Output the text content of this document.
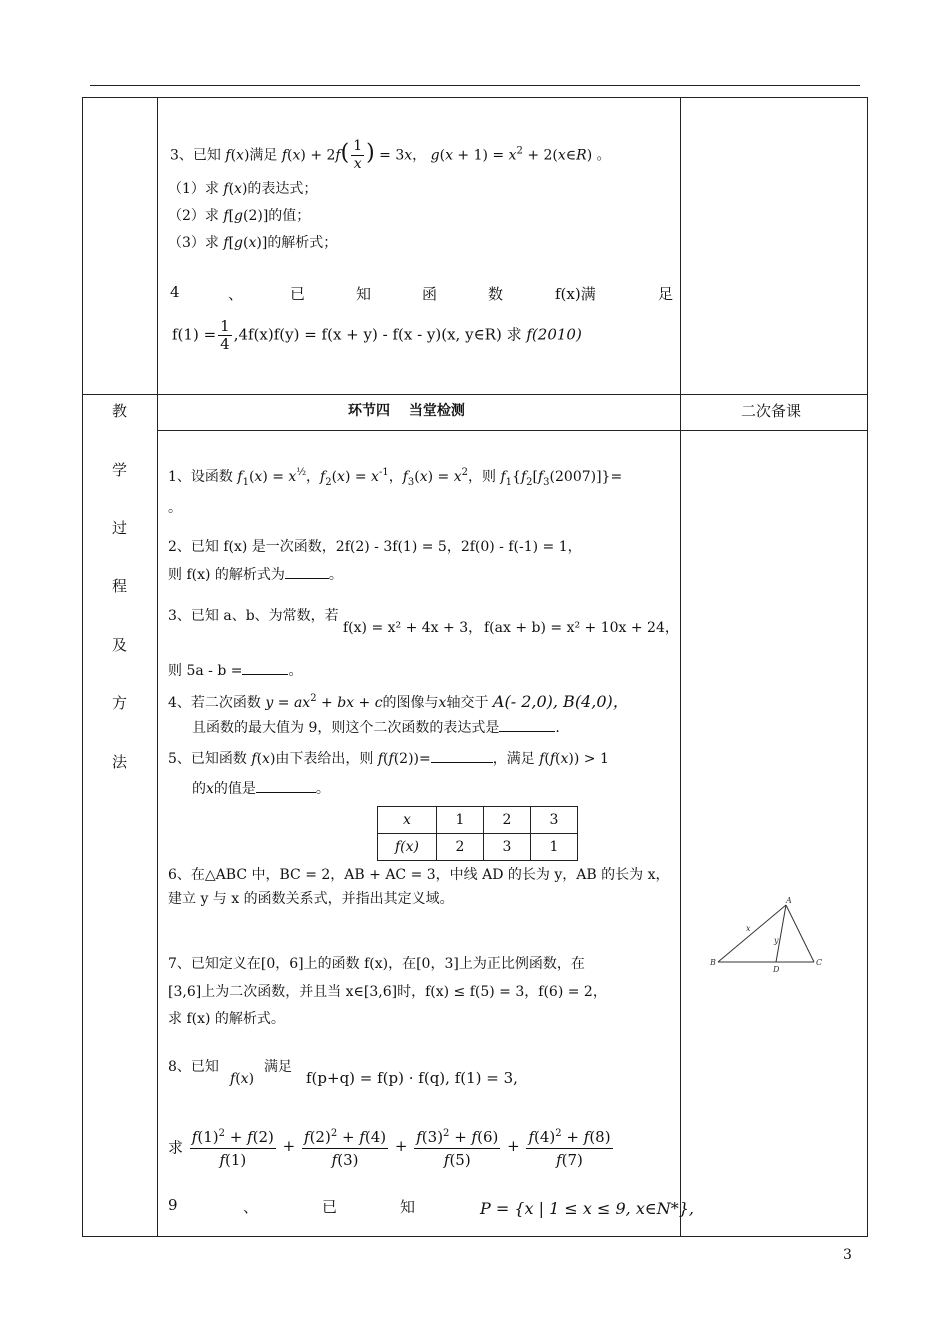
3、已知 f(x)满足 $f(x) + 2f( \frac{1}{x}$ ) = 3x， $g(x + 1) = x^2$ + 2(x∈R) 。
（1）求 f(x)的表达式；
（2）求 f[g(2)]的值；
（3）求 f[g(x)]的解析式；
4	、	已	知	函	数	f(x)满	足
$f(1) = \frac{1}{4} ,4f(x)f(y) = f(x + y) - f(x - y)(x$, y∈R) 求 f(2010)
教
学
过
程
及
方
法
环节四　 当堂检测	二次备课
1、设函数 $f_1(x) = x^{\frac{1}{2}}$，$f_2(x) = x^{-1}$，$f_3(x) = x^2$，则 $f_1\{f_2[f_3(2007)]\}=$
。
2、已知 f(x) 是一次函数，2f(2) - 3f(1) = 5，2f(0) - f(-1) = 1，
则 f(x) 的解析式为	。
3、已知 a、b、为常数，若
f(x) = x² + 4x + 3， f(ax + b) = x² + 10x + 24，
则 5a - b =	。
4、若二次函数 $y = ax^2$ + bx + c的图像与x轴交于 A(- 2,0), B(4,0)，
且函数的最大值为 9，则这个二次函数的表达式是	.
5、已知函数 f(x)由下表给出，则 f(f(2))=	，满足 f(f(x)) > 1
的x的值是	。
x	1	2	3
f(x)	2	3	1
6、在△ABC 中，BC = 2，AB + AC = 3，中线 AD 的长为 y，AB 的长为 x，
建立 y 与 x 的函数关系式，并指出其定义域。
7、已知定义在[0，6]上的函数 f(x)，在[0，3]上为正比例函数，在
[3,6]上为二次函数，并且当 x∈[3,6]时，f(x) ≤ f(5) = 3，f(6) = 2，
求 f(x) 的解析式。
8、已知
f(x)
满足
f(p+q) = f(p) · f(q), f(1) = 3,
求 $\frac{f(1)^2 + f(2)}{f(1)} + \frac{f(2)^2 + f(4)}{f(3)} + \frac{f(3)^2 + f(6)}{f(5)} + \frac{f(4)^2 + f(8)}{f(7)}$
9	、	已	知	P = {x | 1 ≤ x ≤ 9, x∈N*},
A
B	C
D
x
y
3
